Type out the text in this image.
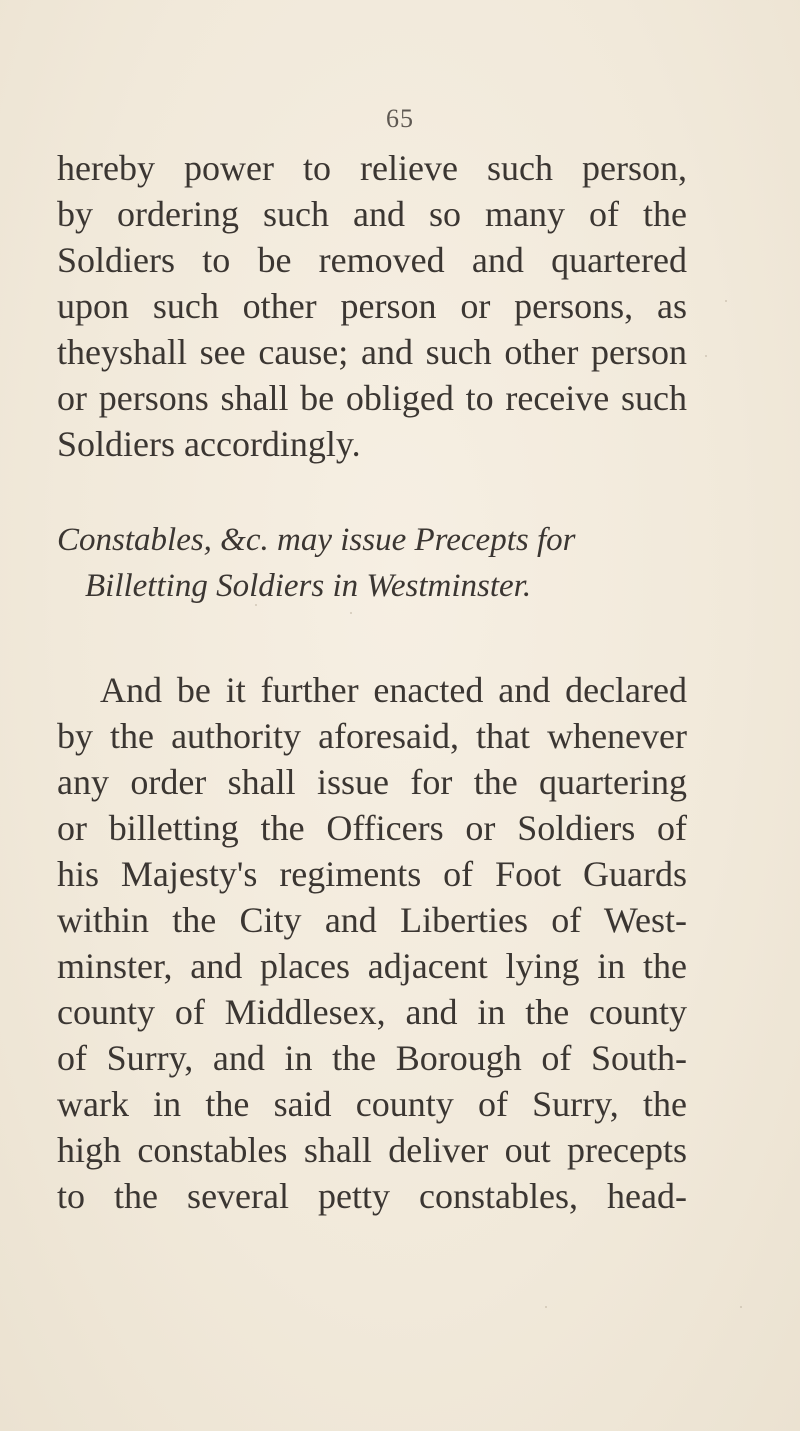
65
hereby power to relieve such person,
by ordering such and so many of the
Soldiers to be removed and quartered
upon such other person or persons, as
theyshall see cause; and such other person
or persons shall be obliged to receive such
Soldiers accordingly.
Constables, &c. may issue Precepts for
Billetting Soldiers in Westminster.
And be it further enacted and declared
by the authority aforesaid, that whenever
any order shall issue for the quartering
or billetting the Officers or Soldiers of
his Majesty's regiments of Foot Guards
within the City and Liberties of West-
minster, and places adjacent lying in the
county of Middlesex, and in the county
of Surry, and in the Borough of South-
wark in the said county of Surry, the
high constables shall deliver out precepts
to the several petty constables, head-
